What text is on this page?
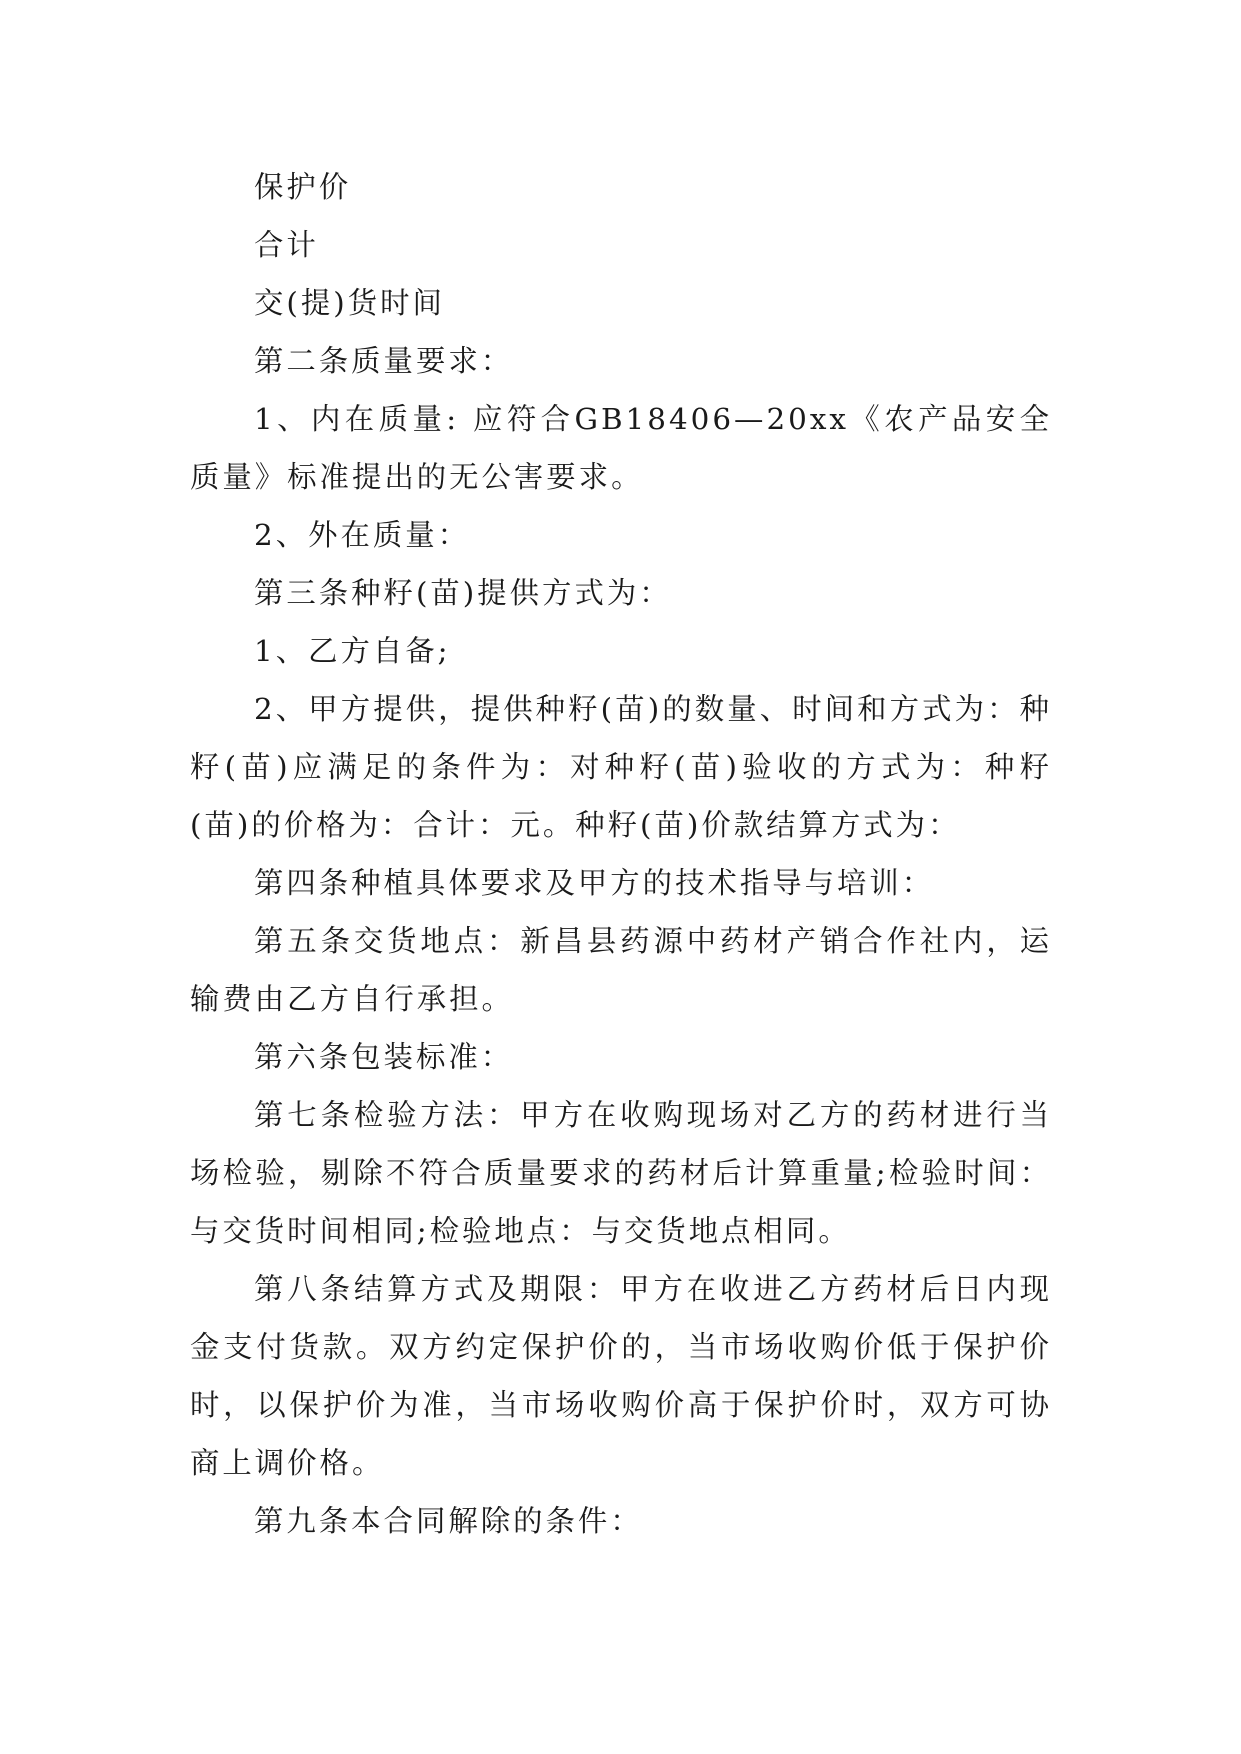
保护价

合计

交(提)货时间

第二条质量要求：

1、内在质量: 应符合GB18406—20xx《农产品安全质量》标准提出的无公害要求。

2、外在质量：

第三条种籽(苗)提供方式为：

1、乙方自备;

2、甲方提供，提供种籽(苗)的数量、时间和方式为：种籽(苗)应满足的条件为：对种籽(苗)验收的方式为：种籽(苗)的价格为：合计：元。种籽(苗)价款结算方式为：

第四条种植具体要求及甲方的技术指导与培训：

第五条交货地点：新昌县药源中药材产销合作社内，运输费由乙方自行承担。

第六条包装标准：

第七条检验方法：甲方在收购现场对乙方的药材进行当场检验，剔除不符合质量要求的药材后计算重量;检验时间：与交货时间相同;检验地点：与交货地点相同。

第八条结算方式及期限：甲方在收进乙方药材后日内现金支付货款。双方约定保护价的，当市场收购价低于保护价时，以保护价为准，当市场收购价高于保护价时，双方可协商上调价格。

第九条本合同解除的条件：
